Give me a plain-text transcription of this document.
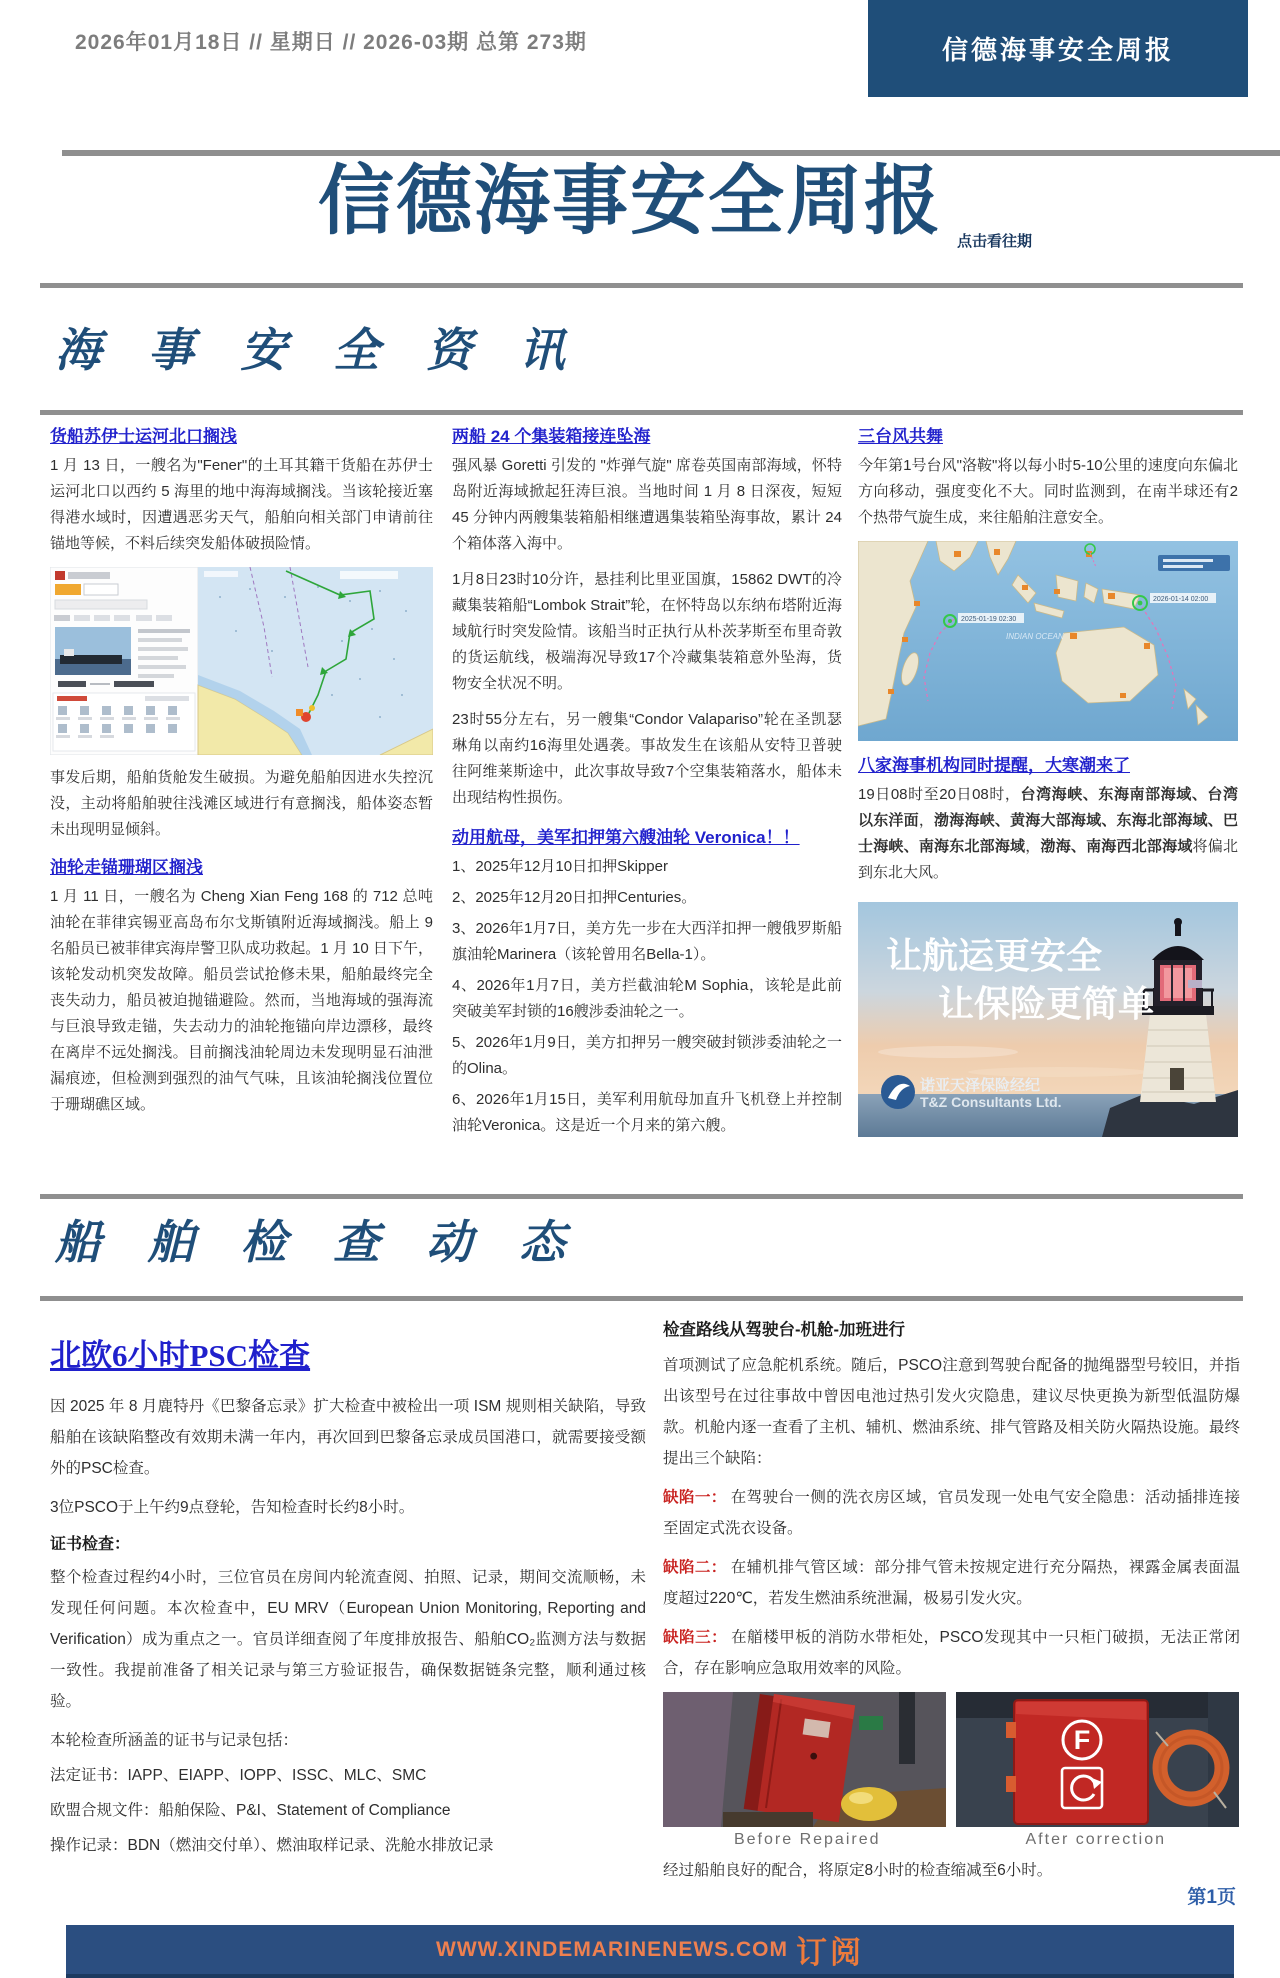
2026年01月18日 // 星期日 // 2026-03期 总第 273期	信德海事安全周报
信德海事安全周报	点击看往期
海 事 安 全 资 讯
货船苏伊士运河北口搁浅

1 月 13 日，一艘名为"Fener"的土耳其籍干货船在苏伊士运河北口以西约 5 海里的地中海海域搁浅。当该轮接近塞得港水域时，因遭遇恶劣天气，船舶向相关部门申请前往锚地等候，不料后续突发船体破损险情。

事发后期，船舶货舱发生破损。为避免船舶因进水失控沉没，主动将船舶驶往浅滩区域进行有意搁浅，船体姿态暂未出现明显倾斜。

油轮走锚珊瑚区搁浅

1 月 11 日，一艘名为 Cheng Xian Feng 168 的 712 总吨油轮在菲律宾锡亚高岛布尔戈斯镇附近海域搁浅。船上 9 名船员已被菲律宾海岸警卫队成功救起。1 月 10 日下午，该轮发动机突发故障。船员尝试抢修未果，船舶最终完全丧失动力，船员被迫抛锚避险。然而，当地海域的强海流与巨浪导致走锚，失去动力的油轮拖锚向岸边漂移，最终在离岸不远处搁浅。目前搁浅油轮周边未发现明显石油泄漏痕迹，但检测到强烈的油气气味，且该油轮搁浅位置位于珊瑚礁区域。

两船 24 个集装箱接连坠海

强风暴 Goretti 引发的 "炸弹气旋" 席卷英国南部海域，怀特岛附近海域掀起狂涛巨浪。当地时间 1 月 8 日深夜，短短 45 分钟内两艘集装箱船相继遭遇集装箱坠海事故，累计 24 个箱体落入海中。

1月8日23时10分许，悬挂利比里亚国旗，15862 DWT的冷藏集装箱船“Lombok Strait”轮，在怀特岛以东纳布塔附近海域航行时突发险情。该船当时正执行从朴茨茅斯至布里奇敦的货运航线，极端海况导致17个冷藏集装箱意外坠海，货物安全状况不明。

23时55分左右，另一艘集“Condor Valapariso”轮在圣凯瑟琳角以南约16海里处遇袭。事故发生在该船从安特卫普驶往阿维莱斯途中，此次事故导致7个空集装箱落水，船体未出现结构性损伤。

动用航母，美军扣押第六艘油轮 Veronica！！

1、2025年12月10日扣押Skipper

2、2025年12月20日扣押Centuries。

3、2026年1月7日，美方先一步在大西洋扣押一艘俄罗斯船旗油轮Marinera（该轮曾用名Bella-1）。

4、2026年1月7日，美方拦截油轮M Sophia，该轮是此前突破美军封锁的16艘涉委油轮之一。

5、2026年1月9日，美方扣押另一艘突破封锁涉委油轮之一的Olina。

6、2026年1月15日，美军利用航母加直升飞机登上并控制油轮Veronica。这是近一个月来的第六艘。

三台风共舞

今年第1号台风"洛鞍"将以每小时5-10公里的速度向东偏北方向移动，强度变化不大。同时监测到，在南半球还有2个热带气旋生成，来往船舶注意安全。

2025-01-19 02:30
2026-01-14 02:00
INDIAN OCEAN
八家海事机构同时提醒，大寒潮来了

19日08时至20日08时，台湾海峡、东海南部海域、台湾以东洋面，渤海海峡、黄海大部海域、东海北部海域、巴士海峡、南海东北部海域，渤海、南海西北部海域将偏北到东北大风。

让航运更安全
让保险更简单
诺亚天泽保险经纪
T&Z Consultants Ltd.
船 舶 检 查 动 态
北欧6小时PSC检查

因 2025 年 8 月鹿特丹《巴黎备忘录》扩大检查中被检出一项 ISM 规则相关缺陷，导致船舶在该缺陷整改有效期未满一年内，再次回到巴黎备忘录成员国港口，就需要接受额外的PSC检查。

3位PSCO于上午约9点登轮，告知检查时长约8小时。

证书检查：

整个检查过程约4小时，三位官员在房间内轮流查阅、拍照、记录，期间交流顺畅，未发现任何问题。本次检查中，EU MRV（European Union Monitoring, Reporting and Verification）成为重点之一。官员详细查阅了年度排放报告、船舶CO₂监测方法与数据一致性。我提前准备了相关记录与第三方验证报告，确保数据链条完整，顺利通过核验。

本轮检查所涵盖的证书与记录包括：

法定证书：IAPP、EIAPP、IOPP、ISSC、MLC、SMC

欧盟合规文件：船舶保险、P&I、Statement of Compliance

操作记录：BDN（燃油交付单）、燃油取样记录、洗舱水排放记录

检查路线从驾驶台-机舱-加班进行

首项测试了应急舵机系统。随后，PSCO注意到驾驶台配备的抛绳器型号较旧，并指出该型号在过往事故中曾因电池过热引发火灾隐患，建议尽快更换为新型低温防爆款。机舱内逐一查看了主机、辅机、燃油系统、排气管路及相关防火隔热设施。最终提出三个缺陷：

缺陷一： 在驾驶台一侧的洗衣房区域，官员发现一处电气安全隐患：活动插排连接至固定式洗衣设备。

缺陷二： 在辅机排气管区域：部分排气管未按规定进行充分隔热，裸露金属表面温度超过220℃，若发生燃油系统泄漏，极易引发火灾。

缺陷三： 在艏楼甲板的消防水带柜处，PSCO发现其中一只柜门破损，无法正常闭合，存在影响应急取用效率的风险。

F
Before Repaired	After correction

经过船舶良好的配合，将原定8小时的检查缩减至6小时。

第1页
WWW.XINDEMARINENEWS.COM 订阅
